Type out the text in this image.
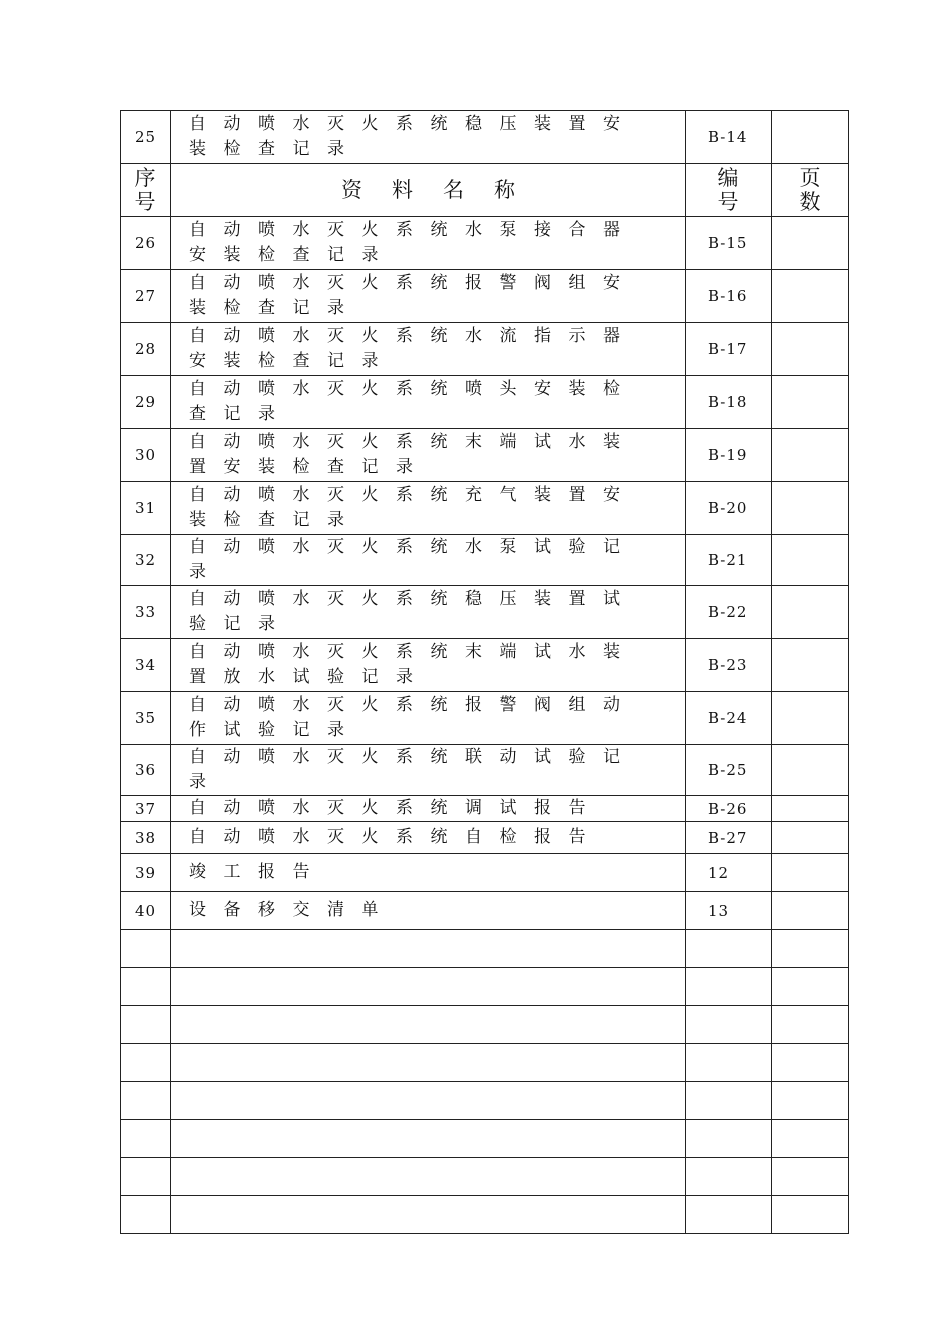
25	自动喷水灭火系统稳压装置安装检查记录	B-14	

序号	资料名称	编号	页数

26	自动喷水灭火系统水泵接合器安装检查记录	B-15	
27	自动喷水灭火系统报警阀组安装检查记录	B-16	
28	自动喷水灭火系统水流指示器安装检查记录	B-17	
29	自动喷水灭火系统喷头安装检查记录	B-18	
30	自动喷水灭火系统末端试水装置安装检查记录	B-19	
31	自动喷水灭火系统充气装置安装检查记录	B-20	
32	自动喷水灭火系统水泵试验记录	B-21	
33	自动喷水灭火系统稳压装置试验记录	B-22	
34	自动喷水灭火系统末端试水装置放水试验记录	B-23	
35	自动喷水灭火系统报警阀组动作试验记录	B-24	
36	自动喷水灭火系统联动试验记录	B-25	
37	自动喷水灭火系统调试报告	B-26	
38	自动喷水灭火系统自检报告	B-27	
39	竣工报告	12	
40	设备移交清单	13	
